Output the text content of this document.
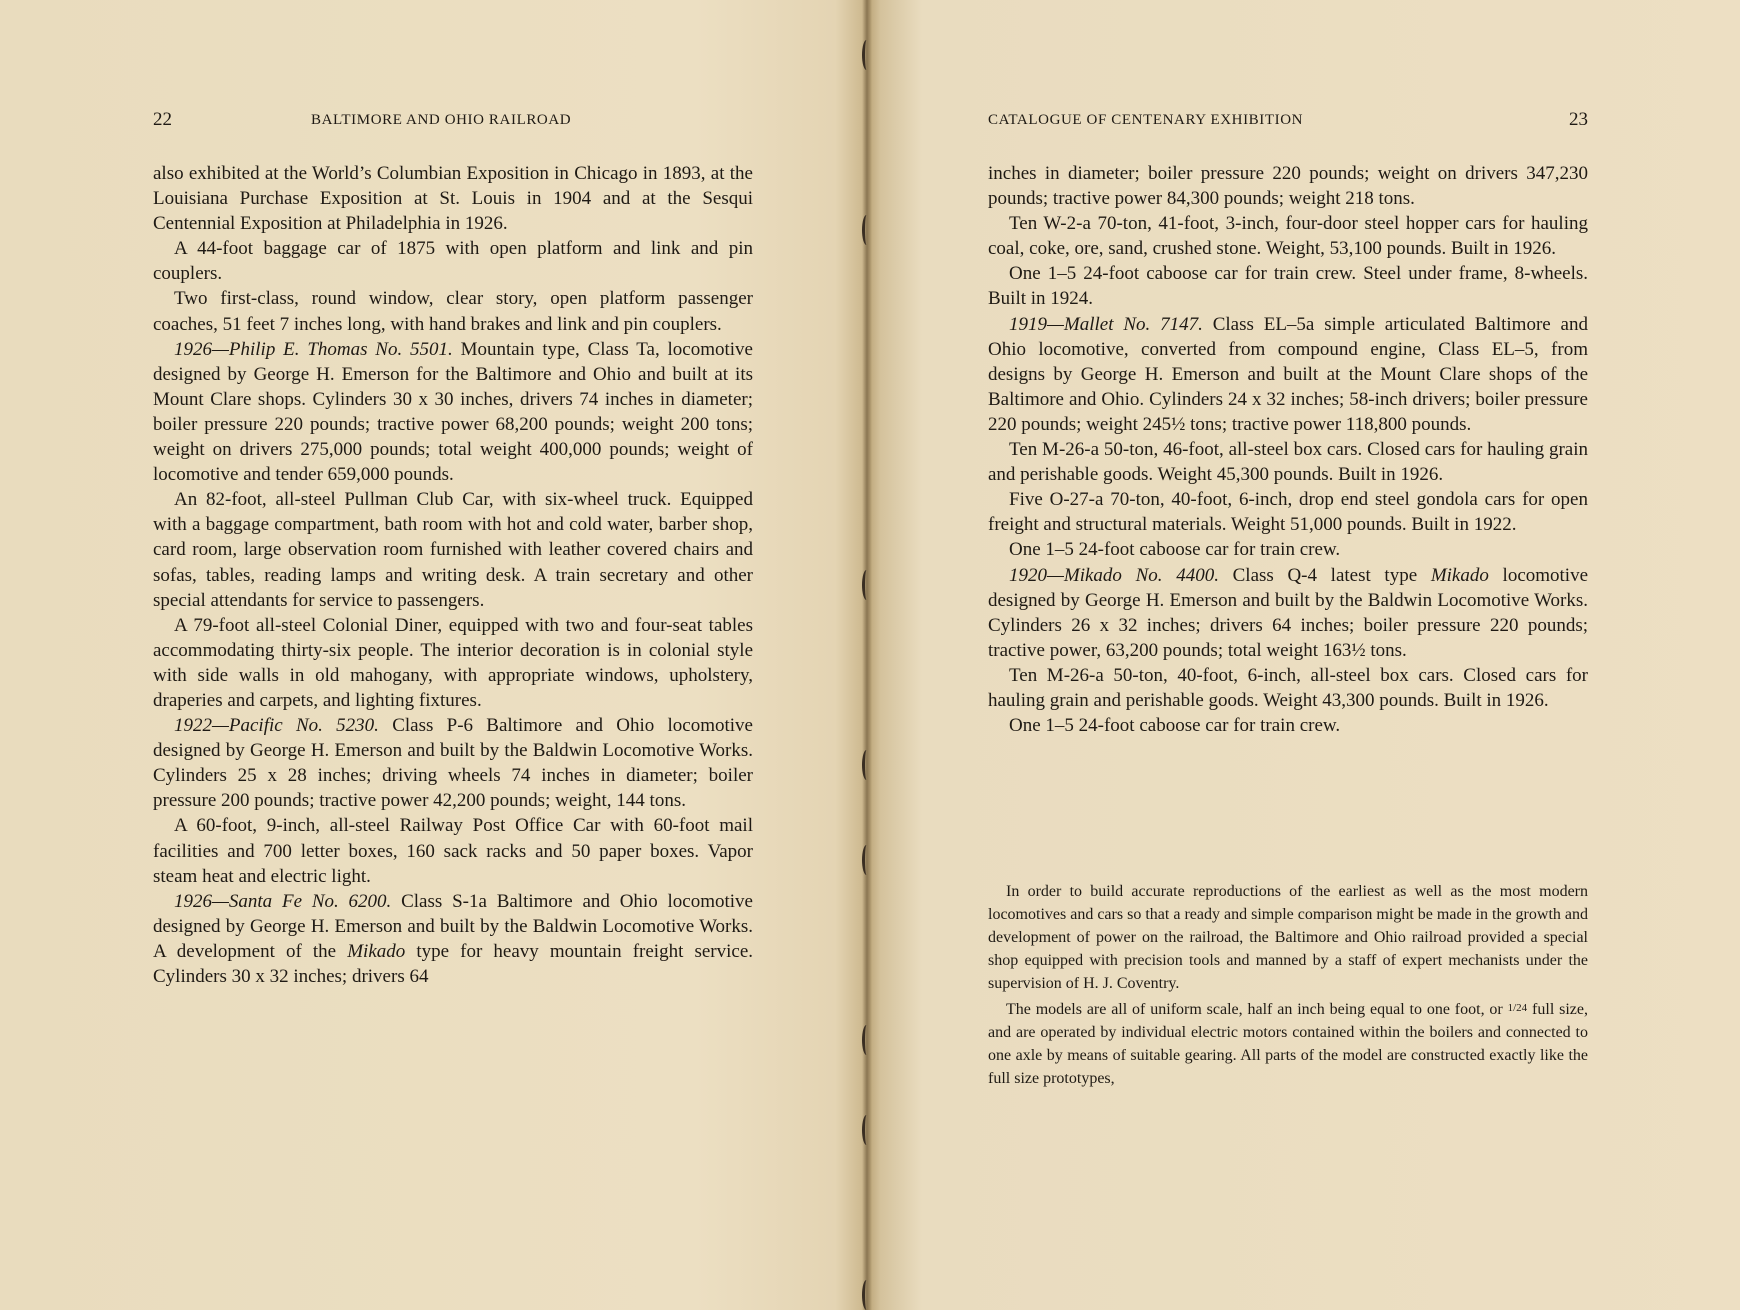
22	BALTIMORE AND OHIO RAILROAD

also exhibited at the World’s Columbian Exposition in Chicago in 1893, at the Louisiana Purchase Exposition at St. Louis in 1904 and at the Sesqui Centennial Exposition at Philadelphia in 1926.

A 44-foot baggage car of 1875 with open platform and link and pin couplers.

Two first-class, round window, clear story, open platform passenger coaches, 51 feet 7 inches long, with hand brakes and link and pin couplers.

1926—Philip E. Thomas No. 5501. Mountain type, Class Ta, locomotive designed by George H. Emerson for the Baltimore and Ohio and built at its Mount Clare shops. Cylinders 30 x 30 inches, drivers 74 inches in diameter; boiler pressure 220 pounds; tractive power 68,200 pounds; weight 200 tons; weight on drivers 275,000 pounds; total weight 400,000 pounds; weight of locomotive and tender 659,000 pounds.

An 82-foot, all-steel Pullman Club Car, with six-wheel truck. Equipped with a baggage compartment, bath room with hot and cold water, barber shop, card room, large observation room furnished with leather covered chairs and sofas, tables, reading lamps and writing desk. A train secretary and other special attendants for service to passengers.

A 79-foot all-steel Colonial Diner, equipped with two and four-seat tables accommodating thirty-six people. The interior decoration is in colonial style with side walls in old mahogany, with appropriate windows, upholstery, draperies and carpets, and lighting fixtures.

1922—Pacific No. 5230. Class P-6 Baltimore and Ohio locomotive designed by George H. Emerson and built by the Baldwin Locomotive Works. Cylinders 25 x 28 inches; driving wheels 74 inches in diameter; boiler pressure 200 pounds; tractive power 42,200 pounds; weight, 144 tons.

A 60-foot, 9-inch, all-steel Railway Post Office Car with 60-foot mail facilities and 700 letter boxes, 160 sack racks and 50 paper boxes. Vapor steam heat and electric light.

1926—Santa Fe No. 6200. Class S-1a Baltimore and Ohio locomotive designed by George H. Emerson and built by the Baldwin Locomotive Works. A development of the Mikado type for heavy mountain freight service. Cylinders 30 x 32 inches; drivers 64

CATALOGUE OF CENTENARY EXHIBITION	23

inches in diameter; boiler pressure 220 pounds; weight on drivers 347,230 pounds; tractive power 84,300 pounds; weight 218 tons.

Ten W-2-a 70-ton, 41-foot, 3-inch, four-door steel hopper cars for hauling coal, coke, ore, sand, crushed stone. Weight, 53,100 pounds. Built in 1926.

One 1–5 24-foot caboose car for train crew. Steel under frame, 8-wheels. Built in 1924.

1919—Mallet No. 7147. Class EL–5a simple articulated Baltimore and Ohio locomotive, converted from compound engine, Class EL–5, from designs by George H. Emerson and built at the Mount Clare shops of the Baltimore and Ohio. Cylinders 24 x 32 inches; 58-inch drivers; boiler pressure 220 pounds; weight 245½ tons; tractive power 118,800 pounds.

Ten M-26-a 50-ton, 46-foot, all-steel box cars. Closed cars for hauling grain and perishable goods. Weight 45,300 pounds. Built in 1926.

Five O-27-a 70-ton, 40-foot, 6-inch, drop end steel gondola cars for open freight and structural materials. Weight 51,000 pounds. Built in 1922.

One 1–5 24-foot caboose car for train crew.

1920—Mikado No. 4400. Class Q-4 latest type Mikado locomotive designed by George H. Emerson and built by the Baldwin Locomotive Works. Cylinders 26 x 32 inches; drivers 64 inches; boiler pressure 220 pounds; tractive power, 63,200 pounds; total weight 163½ tons.

Ten M-26-a 50-ton, 40-foot, 6-inch, all-steel box cars. Closed cars for hauling grain and perishable goods. Weight 43,300 pounds. Built in 1926.

One 1–5 24-foot caboose car for train crew.

In order to build accurate reproductions of the earliest as well as the most modern locomotives and cars so that a ready and simple comparison might be made in the growth and development of power on the railroad, the Baltimore and Ohio railroad provided a special shop equipped with precision tools and manned by a staff of expert mechanists under the supervision of H. J. Coventry.

The models are all of uniform scale, half an inch being equal to one foot, or 1/24 full size, and are operated by individual electric motors contained within the boilers and connected to one axle by means of suitable gearing. All parts of the model are constructed exactly like the full size prototypes,
